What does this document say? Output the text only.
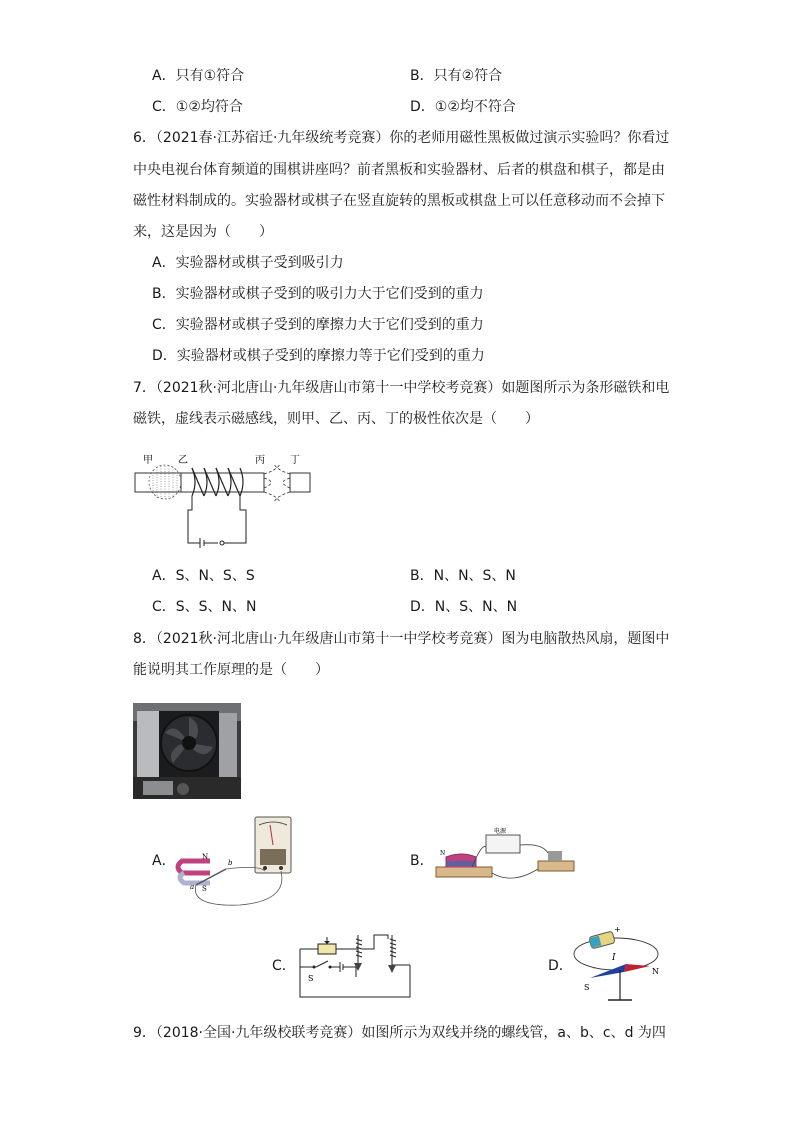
A．只有①符合	B．只有②符合
C．①②均符合	D．①②均不符合
6．（2021春·江苏宿迁·九年级统考竞赛）你的老师用磁性黑板做过演示实验吗？你看过
中央电视台体育频道的围棋讲座吗？前者黑板和实验器材、后者的棋盘和棋子，都是由
磁性材料制成的。实验器材或棋子在竖直旋转的黑板或棋盘上可以任意移动而不会掉下
来，这是因为（　　）
A．实验器材或棋子受到吸引力
B．实验器材或棋子受到的吸引力大于它们受到的重力
C．实验器材或棋子受到的摩擦力大于它们受到的重力
D．实验器材或棋子受到的摩擦力等于它们受到的重力
7．（2021秋·河北唐山·九年级唐山市第十一中学校考竞赛）如题图所示为条形磁铁和电
磁铁，虚线表示磁感线，则甲、乙、丙、丁的极性依次是（　　）
甲	乙	丙	丁
A．S、N、S、S	B．N、N、S、N
C．S、S、N、N	D．N、S、N、N
8．（2021秋·河北唐山·九年级唐山市第十一中学校考竞赛）图为电脑散热风扇，题图中
能说明其工作原理的是（　　）
A．	N
S
b
a
B．
电源
N
C．
S
D．
+
I
S
N
9．（2018·全国·九年级校联考竞赛）如图所示为双线并绕的螺线管，a、b、c、d 为四
